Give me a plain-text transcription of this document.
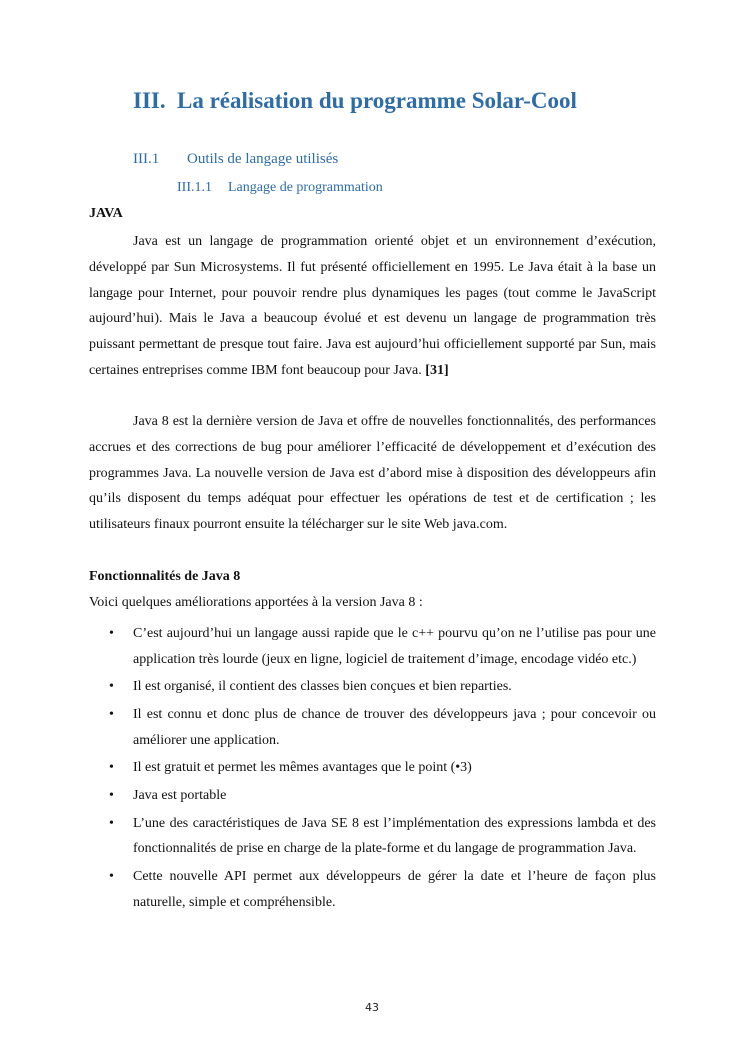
III. La réalisation du programme Solar-Cool
III.1 Outils de langage utilisés
III.1.1 Langage de programmation
JAVA

Java est un langage de programmation orienté objet et un environnement d’exécution, développé par Sun Microsystems. Il fut présenté officiellement en 1995. Le Java était à la base un langage pour Internet, pour pouvoir rendre plus dynamiques les pages (tout comme le JavaScript aujourd’hui). Mais le Java a beaucoup évolué et est devenu un langage de programmation très puissant permettant de presque tout faire. Java est aujourd’hui officiellement supporté par Sun, mais certaines entreprises comme IBM font beaucoup pour Java. [31]

Java 8 est la dernière version de Java et offre de nouvelles fonctionnalités, des performances accrues et des corrections de bug pour améliorer l’efficacité de développement et d’exécution des programmes Java. La nouvelle version de Java est d’abord mise à disposition des développeurs afin qu’ils disposent du temps adéquat pour effectuer les opérations de test et de certification ; les utilisateurs finaux pourront ensuite la télécharger sur le site Web java.com.

Fonctionnalités de Java 8
Voici quelques améliorations apportées à la version Java 8 :
• C’est aujourd’hui un langage aussi rapide que le c++ pourvu qu’on ne l’utilise pas pour une application très lourde (jeux en ligne, logiciel de traitement d’image, encodage vidéo etc.)
• Il est organisé, il contient des classes bien conçues et bien reparties.
• Il est connu et donc plus de chance de trouver des développeurs java ; pour concevoir ou améliorer une application.
• Il est gratuit et permet les mêmes avantages que le point (•3)
• Java est portable
• L’une des caractéristiques de Java SE 8 est l’implémentation des expressions lambda et des fonctionnalités de prise en charge de la plate-forme et du langage de programmation Java.
• Cette nouvelle API permet aux développeurs de gérer la date et l’heure de façon plus naturelle, simple et compréhensible.
43
